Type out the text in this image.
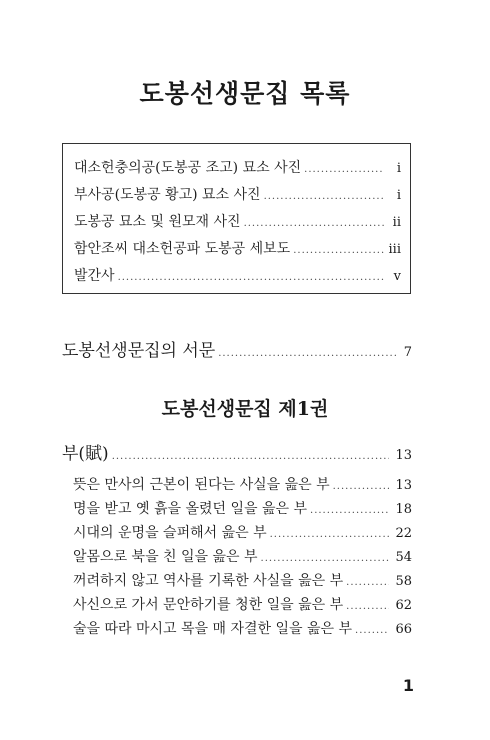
도봉선생문집 목록
대소헌충의공(도봉공 조고) 묘소 사진 .....	i
부사공(도봉공 황고) 묘소 사진 .....	i
도봉공 묘소 및 원모재 사진 .....	ii
함안조씨 대소헌공파 도봉공 세보도 .....	iii
발간사 .....	v
도봉선생문집의 서문 .....	7
도봉선생문집 제1권
부(賦) .....	13
뜻은 만사의 근본이 된다는 사실을 읊은 부 .....	13
명을 받고 옛 흙을 올렸던 일을 읊은 부 .....	18
시대의 운명을 슬퍼해서 읊은 부 .....	22
알몸으로 북을 친 일을 읊은 부 .....	54
꺼려하지 않고 역사를 기록한 사실을 읊은 부 .....	58
사신으로 가서 문안하기를 청한 일을 읊은 부 .....	62
술을 따라 마시고 목을 매 자결한 일을 읊은 부 .....	66
1
